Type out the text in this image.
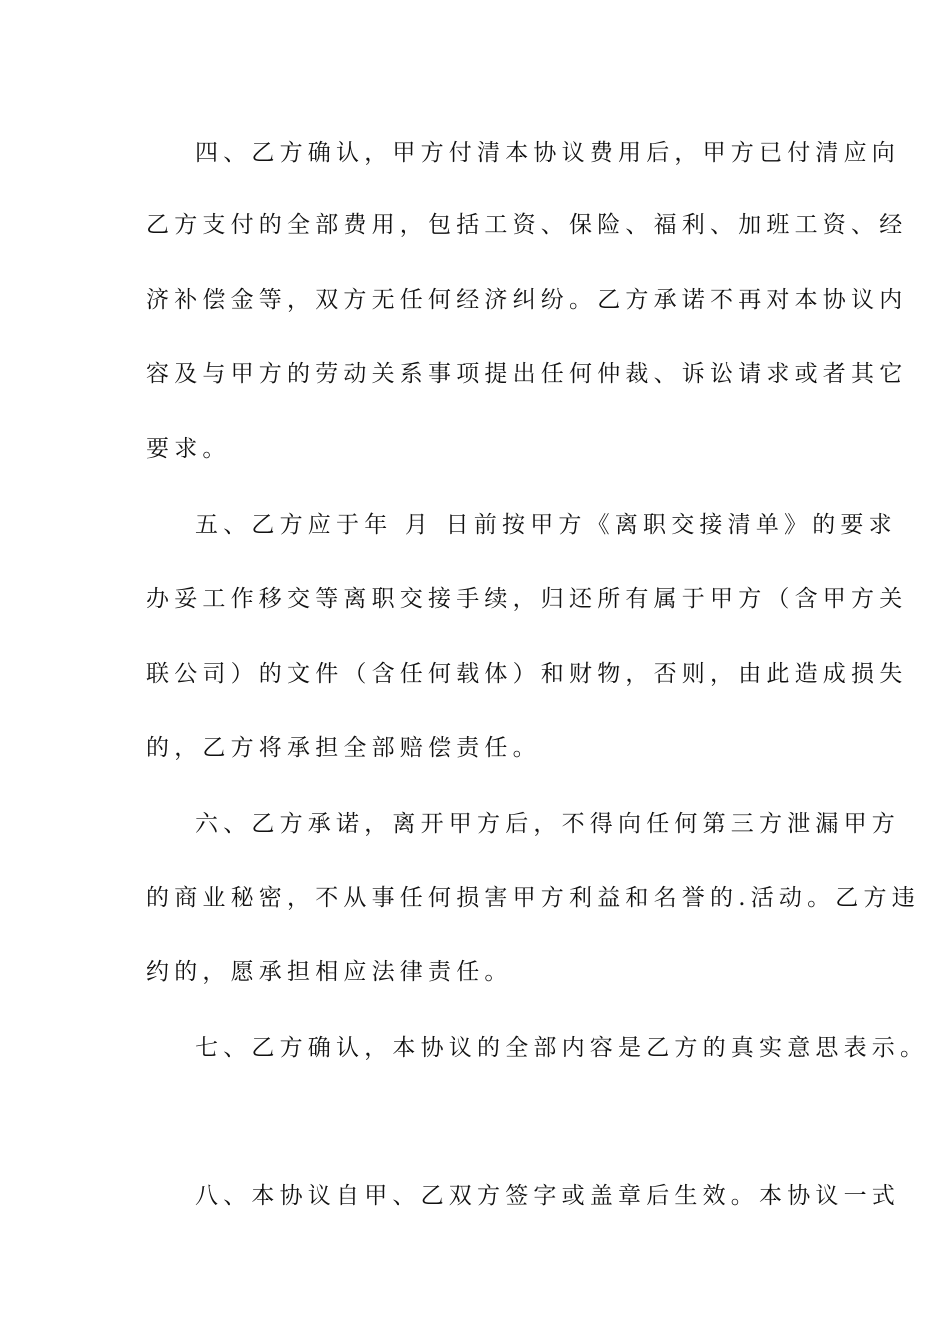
四、乙方确认，甲方付清本协议费用后，甲方已付清应向
乙方支付的全部费用，包括工资、保险、福利、加班工资、经
济补偿金等，双方无任何经济纠纷。乙方承诺不再对本协议内
容及与甲方的劳动关系事项提出任何仲裁、诉讼请求或者其它
要求。
五、乙方应于年 月 日前按甲方《离职交接清单》的要求
办妥工作移交等离职交接手续，归还所有属于甲方（含甲方关
联公司）的文件（含任何载体）和财物，否则，由此造成损失
的，乙方将承担全部赔偿责任。
六、乙方承诺，离开甲方后，不得向任何第三方泄漏甲方
的商业秘密，不从事任何损害甲方利益和名誉的.活动。乙方违
约的，愿承担相应法律责任。
七、乙方确认，本协议的全部内容是乙方的真实意思表示。
八、本协议自甲、乙双方签字或盖章后生效。本协议一式
